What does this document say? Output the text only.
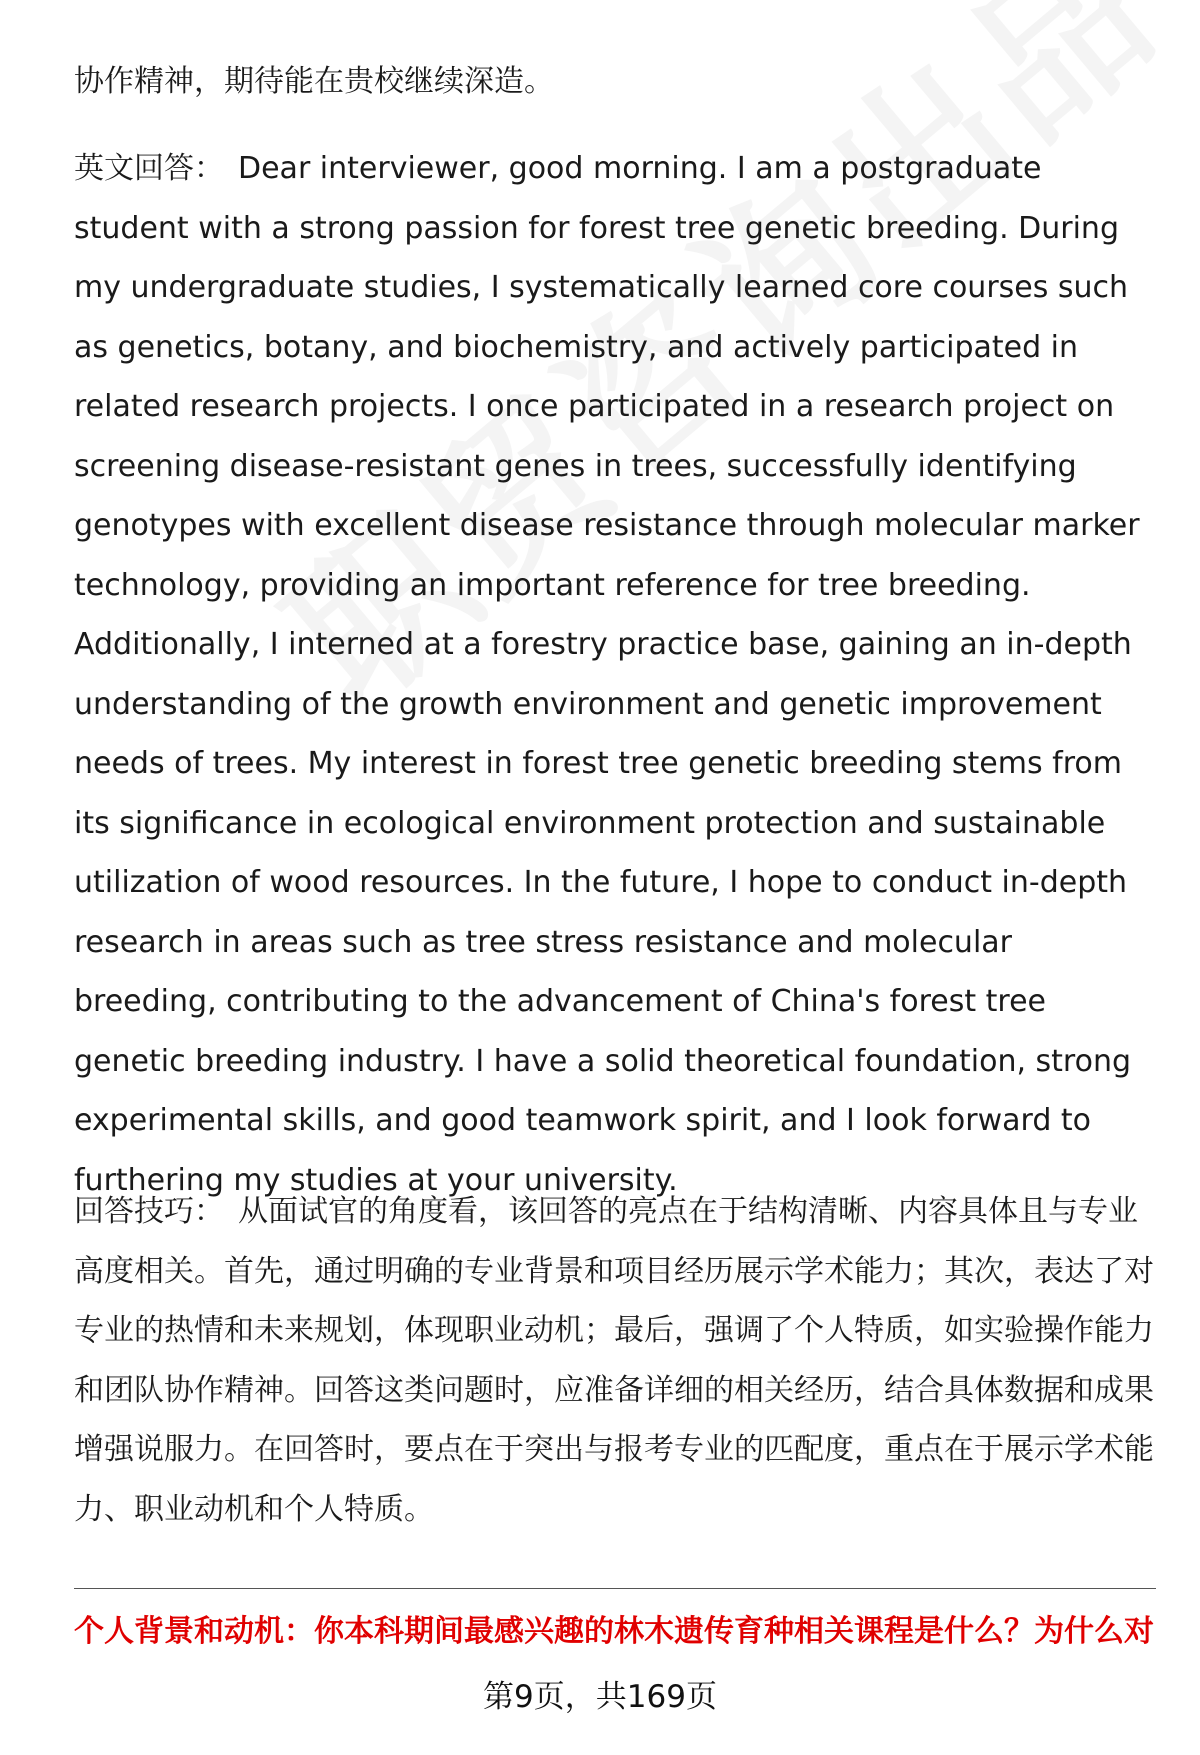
协作精神，期待能在贵校继续深造。

英文回答： Dear interviewer, good morning. I am a postgraduate student with a strong passion for forest tree genetic breeding. During my undergraduate studies, I systematically learned core courses such as genetics, botany, and biochemistry, and actively participated in related research projects. I once participated in a research project on screening disease-resistant genes in trees, successfully identifying genotypes with excellent disease resistance through molecular marker technology, providing an important reference for tree breeding. Additionally, I interned at a forestry practice base, gaining an in-depth understanding of the growth environment and genetic improvement needs of trees. My interest in forest tree genetic breeding stems from its significance in ecological environment protection and sustainable utilization of wood resources. In the future, I hope to conduct in-depth research in areas such as tree stress resistance and molecular breeding, contributing to the advancement of China's forest tree genetic breeding industry. I have a solid theoretical foundation, strong experimental skills, and good teamwork spirit, and I look forward to furthering my studies at your university.

回答技巧： 从面试官的角度看，该回答的亮点在于结构清晰、内容具体且与专业高度相关。首先，通过明确的专业背景和项目经历展示学术能力；其次，表达了对专业的热情和未来规划，体现职业动机；最后，强调了个人特质，如实验操作能力和团队协作精神。回答这类问题时，应准备详细的相关经历，结合具体数据和成果增强说服力。在回答时，要点在于突出与报考专业的匹配度，重点在于展示学术能力、职业动机和个人特质。

个人背景和动机：你本科期间最感兴趣的林木遗传育种相关课程是什么？为什么对
第9页，共169页
